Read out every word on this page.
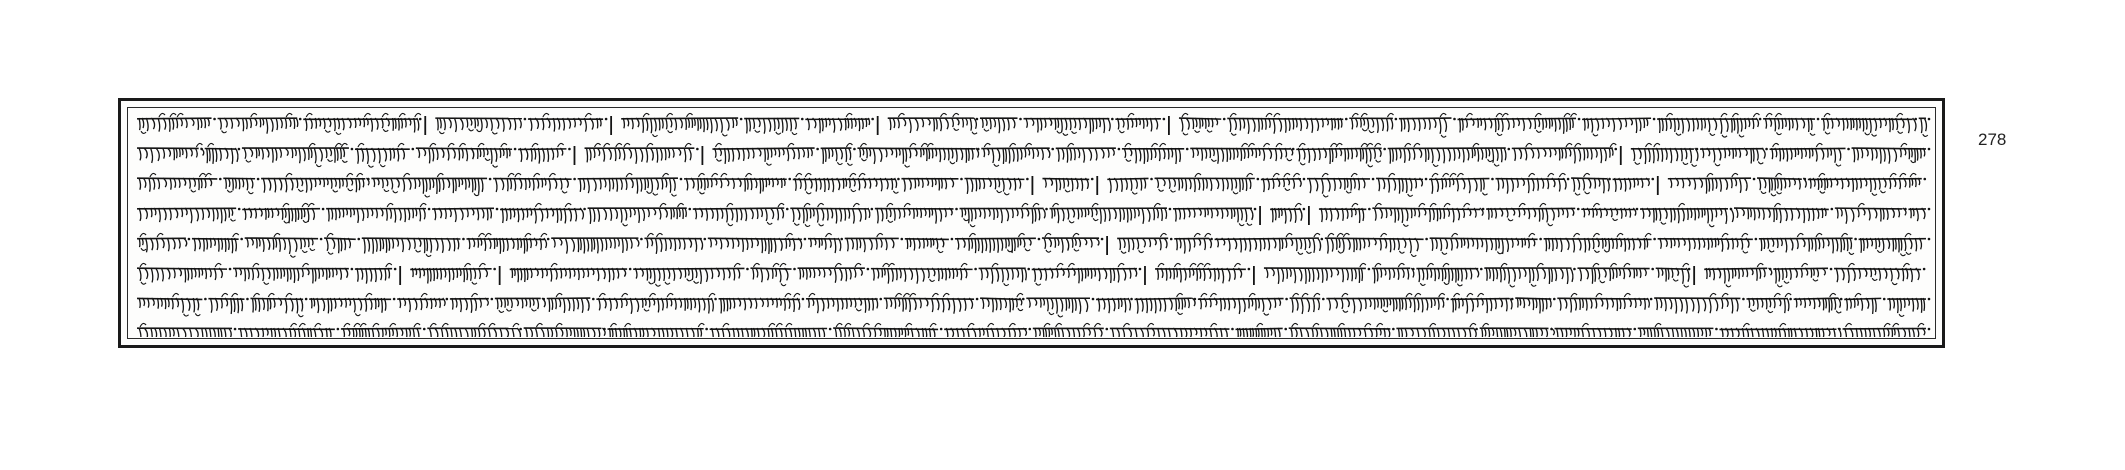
278
